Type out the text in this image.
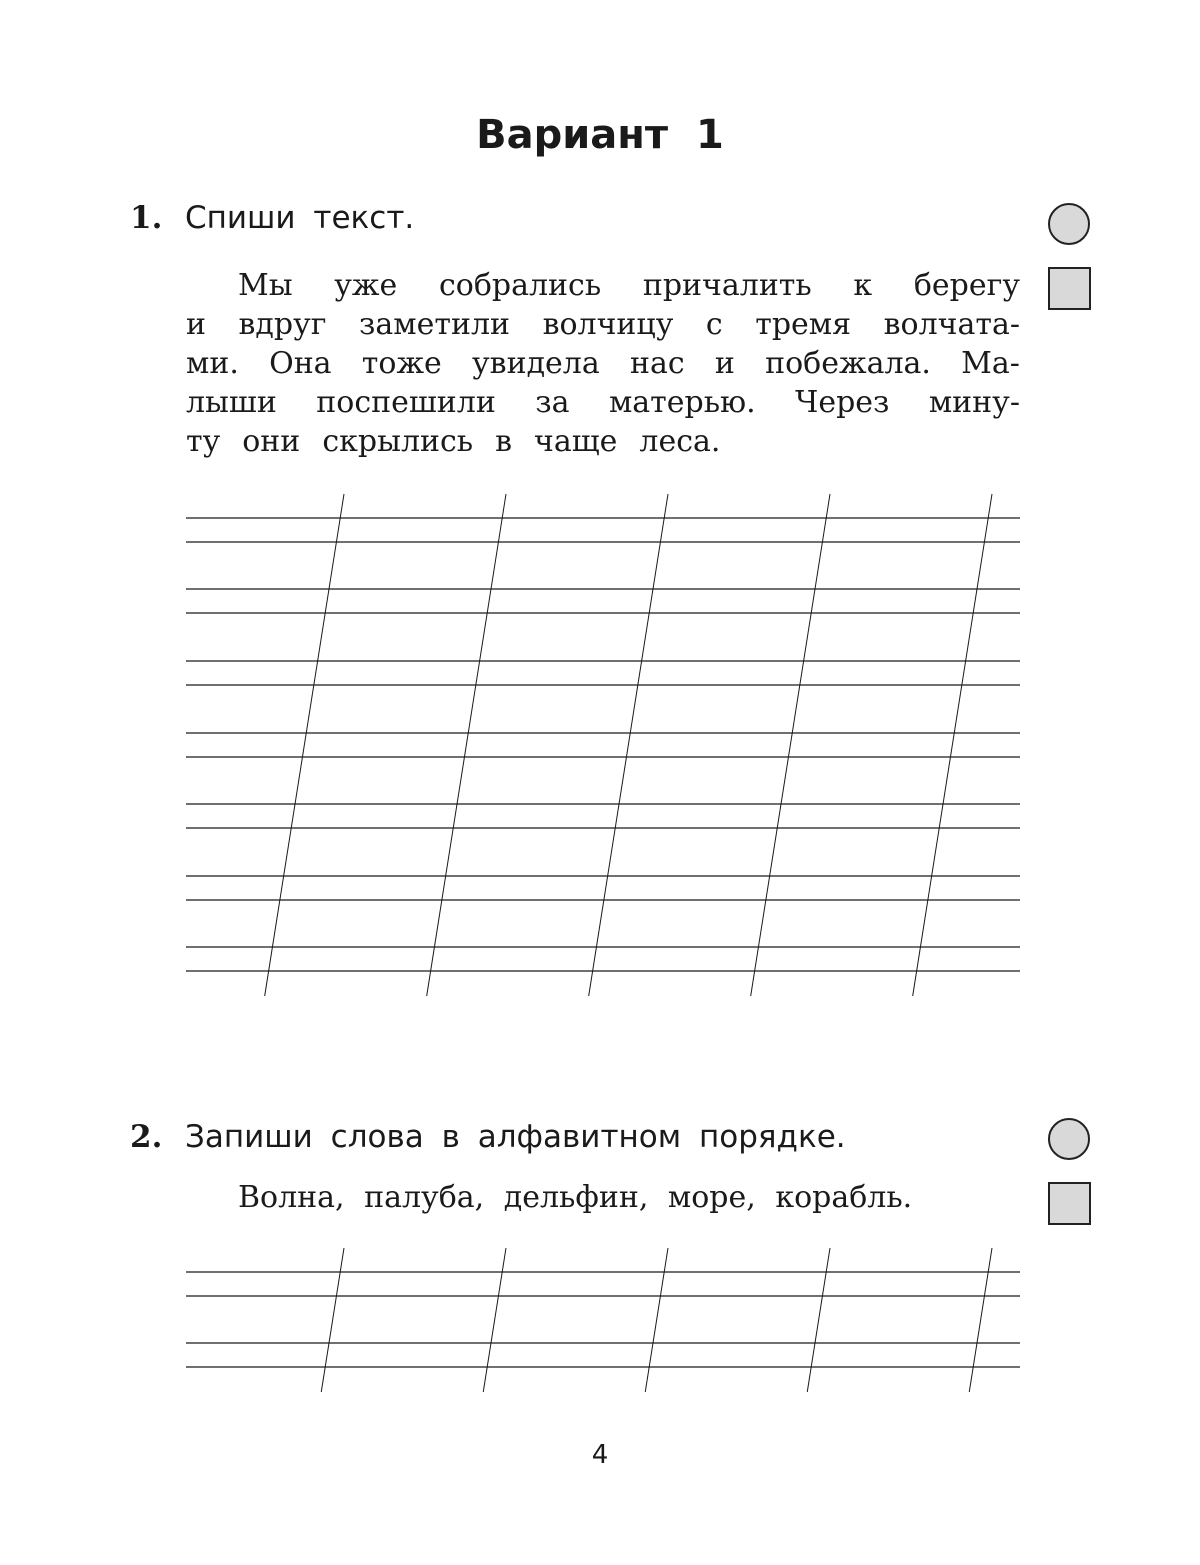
Вариант 1

1. Спиши текст.

Мы уже собрались причалить к берегу
и вдруг заметили волчицу с тремя волчата-
ми. Она тоже увидела нас и побежала. Ма-
лыши поспешили за матерью. Через мину-
ту они скрылись в чаще леса.

2. Запиши слова в алфавитном порядке.

Волна, палуба, дельфин, море, корабль.

4
